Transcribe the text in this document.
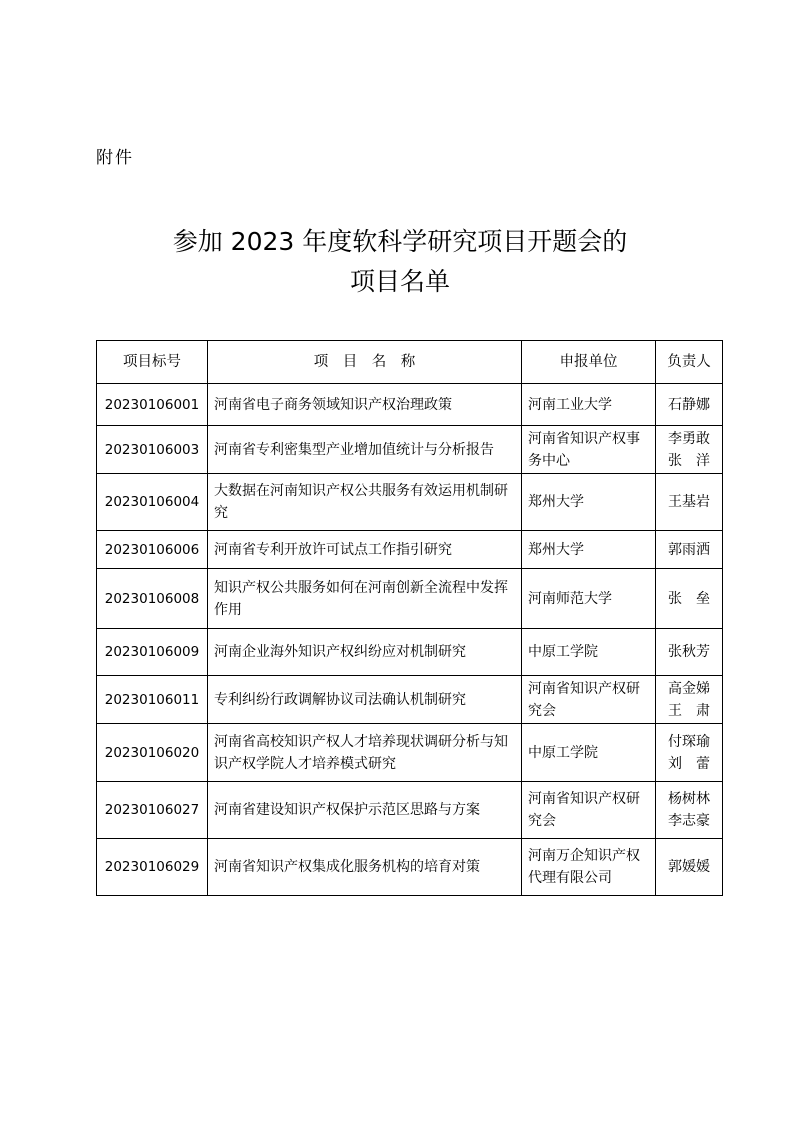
附件
参加 2023 年度软科学研究项目开题会的
项目名单
项目标号	项　目　名　称	申报单位	负责人
20230106001	河南省电子商务领域知识产权治理政策	河南工业大学	石静娜

20230106003	河南省专利密集型产业增加值统计与分析报告	河南省知识产权事务中心	李勇敢
张　洋

20230106004	大数据在河南知识产权公共服务有效运用机制研究	郑州大学	王基岩

20230106006	河南省专利开放许可试点工作指引研究	郑州大学	郭雨洒

20230106008	知识产权公共服务如何在河南创新全流程中发挥作用	河南师范大学	张　垒

20230106009	河南企业海外知识产权纠纷应对机制研究	中原工学院	张秋芳

20230106011	专利纠纷行政调解协议司法确认机制研究	河南省知识产权研究会	高金娣
王　肃

20230106020	河南省高校知识产权人才培养现状调研分析与知识产权学院人才培养模式研究	中原工学院	付琛瑜
刘　蕾

20230106027	河南省建设知识产权保护示范区思路与方案	河南省知识产权研究会	杨树林
李志豪

20230106029	河南省知识产权集成化服务机构的培育对策	河南万企知识产权代理有限公司	郭媛媛
